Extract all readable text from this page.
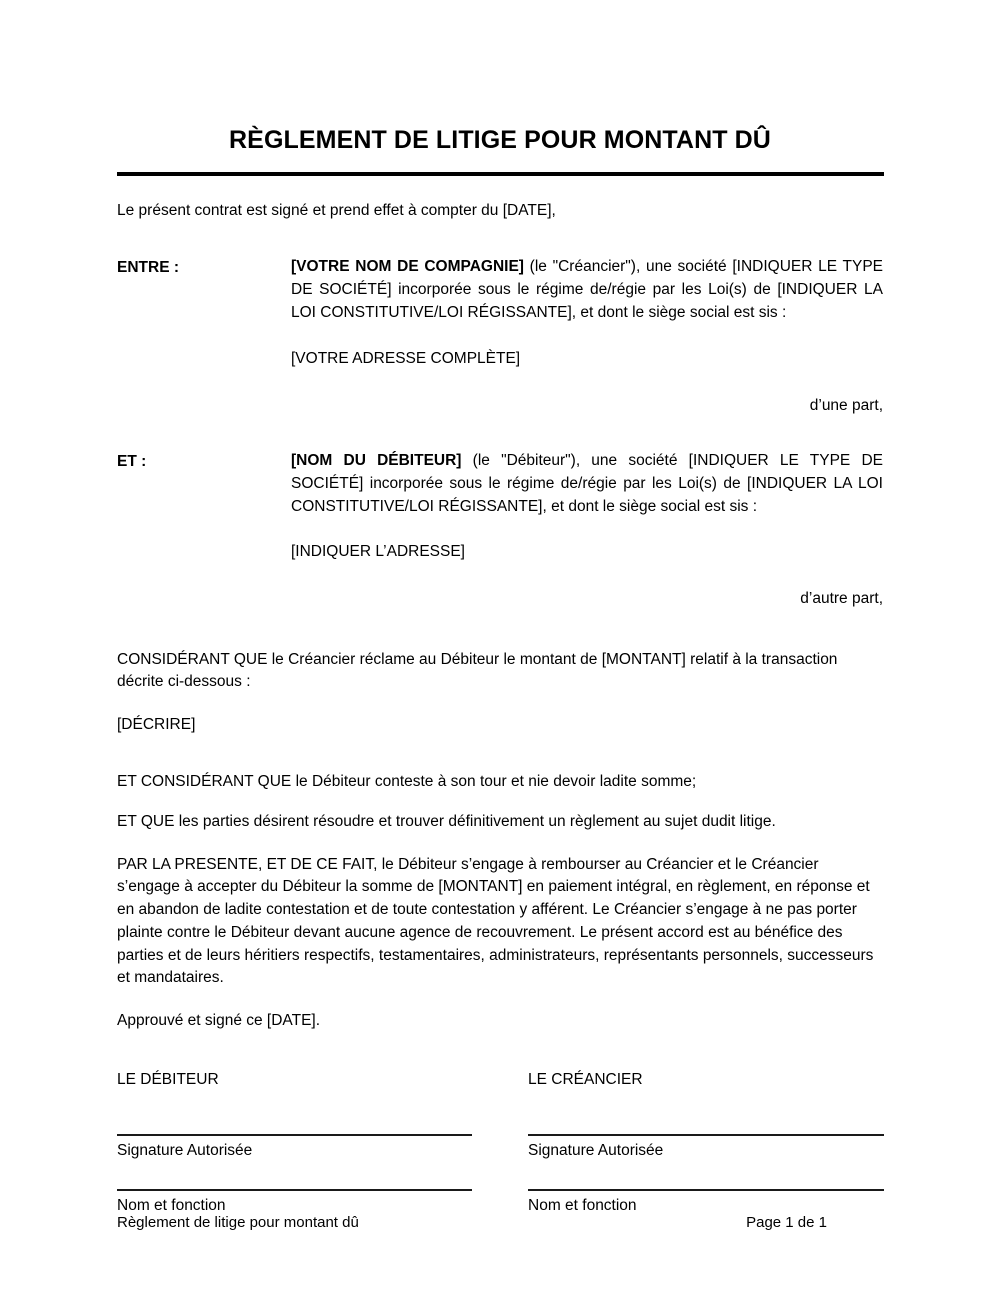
RÈGLEMENT DE LITIGE POUR MONTANT DÛ
Le présent contrat est signé et prend effet à compter du [DATE],
ENTRE :	[VOTRE NOM DE COMPAGNIE] (le "Créancier"), une société [INDIQUER LE TYPE DE SOCIÉTÉ] incorporée sous le régime de/régie par les Loi(s) de [INDIQUER LA LOI CONSTITUTIVE/LOI RÉGISSANTE], et dont le siège social est sis :
[VOTRE ADRESSE COMPLÈTE]
d’une part,
ET :	[NOM DU DÉBITEUR] (le "Débiteur"), une société [INDIQUER LE TYPE DE SOCIÉTÉ] incorporée sous le régime de/régie par les Loi(s) de [INDIQUER LA LOI CONSTITUTIVE/LOI RÉGISSANTE], et dont le siège social est sis :
[INDIQUER L’ADRESSE]
d’autre part,
CONSIDÉRANT QUE le Créancier réclame au Débiteur le montant de [MONTANT] relatif à la transaction décrite ci-dessous :
[DÉCRIRE]
ET CONSIDÉRANT QUE le Débiteur conteste à son tour et nie devoir ladite somme;
ET QUE les parties désirent résoudre et trouver définitivement un règlement au sujet dudit litige.
PAR LA PRESENTE, ET DE CE FAIT, le Débiteur s’engage à rembourser au Créancier et le Créancier s’engage à accepter du Débiteur la somme de [MONTANT] en paiement intégral, en règlement, en réponse et en abandon de ladite contestation et de toute contestation y afférent. Le Créancier s’engage à ne pas porter plainte contre le Débiteur devant aucune agence de recouvrement. Le présent accord est au bénéfice des parties et de leurs héritiers respectifs, testamentaires, administrateurs, représentants personnels, successeurs et mandataires.
Approuvé et signé ce [DATE].
LE DÉBITEUR	LE CRÉANCIER
Signature Autorisée	Signature Autorisée
Nom et fonction	Nom et fonction
Règlement de litige pour montant dû	Page 1 de 1
